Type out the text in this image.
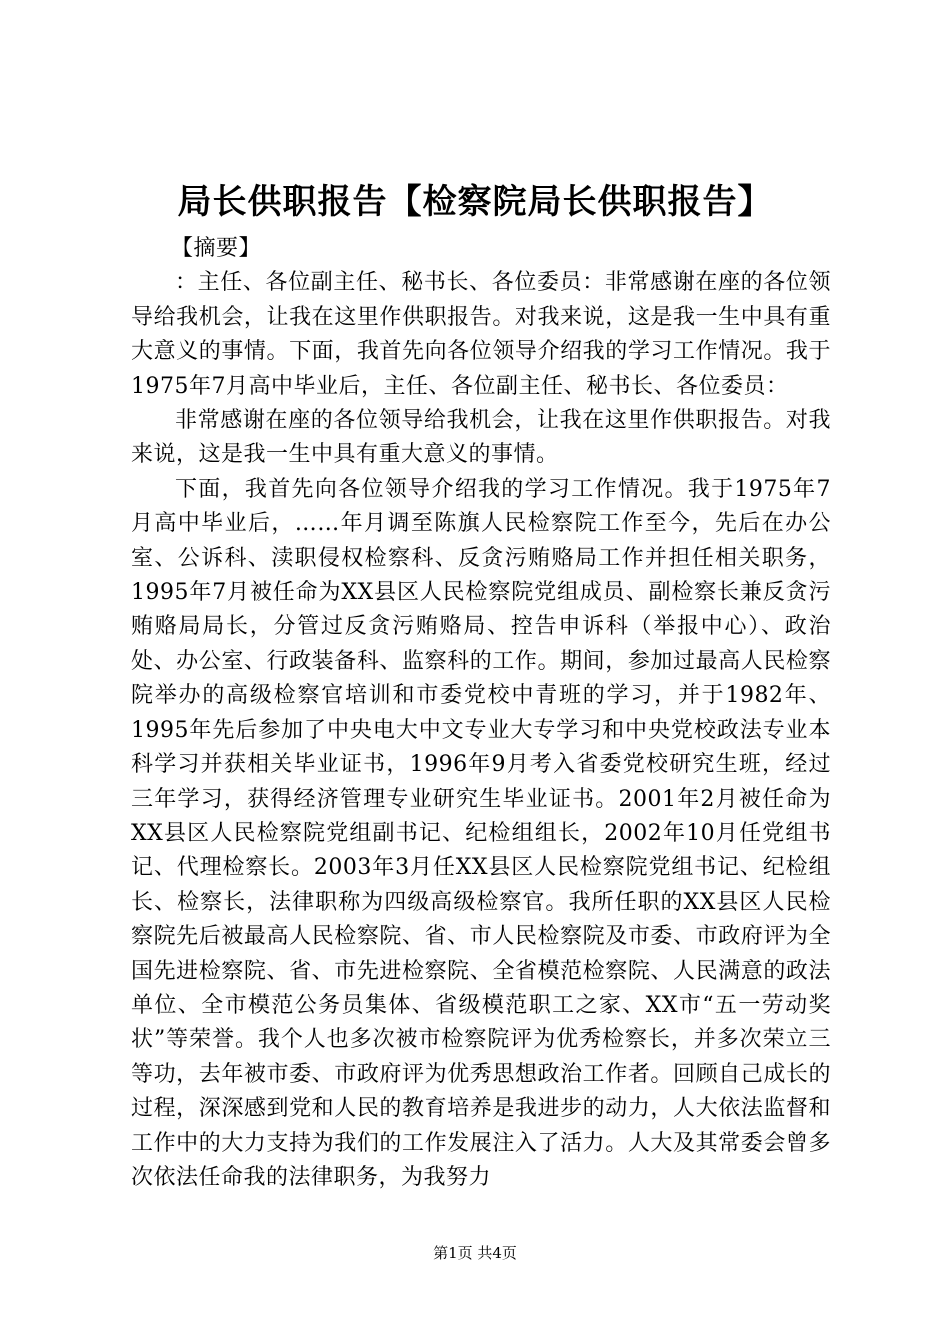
局长供职报告【检察院局长供职报告】

【摘要】

：主任、各位副主任、秘书长、各位委员：非常感谢在座的各位领导给我机会，让我在这里作供职报告。对我来说，这是我一生中具有重大意义的事情。下面，我首先向各位领导介绍我的学习工作情况。我于1975年7月高中毕业后，主任、各位副主任、秘书长、各位委员：

非常感谢在座的各位领导给我机会，让我在这里作供职报告。对我来说，这是我一生中具有重大意义的事情。

下面，我首先向各位领导介绍我的学习工作情况。我于1975年7月高中毕业后，……年月调至陈旗人民检察院工作至今，先后在办公室、公诉科、渎职侵权检察科、反贪污贿赂局工作并担任相关职务，1995年7月被任命为XX县区人民检察院党组成员、副检察长兼反贪污贿赂局局长，分管过反贪污贿赂局、控告申诉科（举报中心）、政治处、办公室、行政装备科、监察科的工作。期间，参加过最高人民检察院举办的高级检察官培训和市委党校中青班的学习，并于1982年、1995年先后参加了中央电大中文专业大专学习和中央党校政法专业本科学习并获相关毕业证书，1996年9月考入省委党校研究生班，经过三年学习，获得经济管理专业研究生毕业证书。2001年2月被任命为XX县区人民检察院党组副书记、纪检组组长，2002年10月任党组书记、代理检察长。2003年3月任XX县区人民检察院党组书记、纪检组长、检察长，法律职称为四级高级检察官。我所任职的XX县区人民检察院先后被最高人民检察院、省、市人民检察院及市委、市政府评为全国先进检察院、省、市先进检察院、全省模范检察院、人民满意的政法单位、全市模范公务员集体、省级模范职工之家、XX市“五一劳动奖状”等荣誉。我个人也多次被市检察院评为优秀检察长，并多次荣立三等功，去年被市委、市政府评为优秀思想政治工作者。回顾自己成长的过程，深深感到党和人民的教育培养是我进步的动力，人大依法监督和工作中的大力支持为我们的工作发展注入了活力。人大及其常委会曾多次依法任命我的法律职务，为我努力

第1页 共4页
